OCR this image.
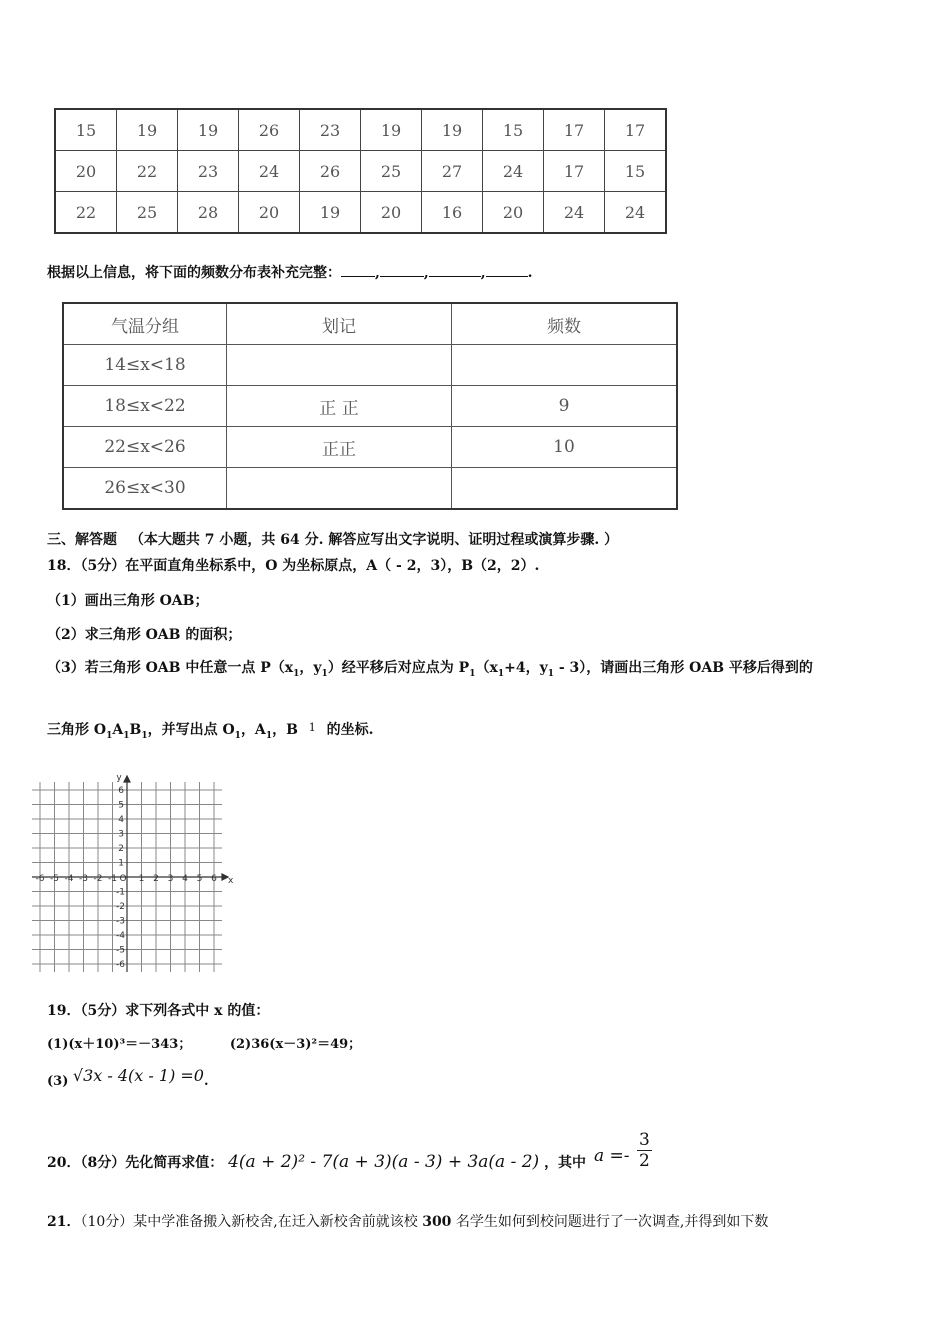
15	19	19	26	23	19	19	15	17	17
20	22	23	24	26	25	27	24	17	15
22	25	28	20	19	20	16	20	24	24
根据以上信息，将下面的频数分布表补充完整： ,	,	,	.
气温分组	划记	频数
14≤x<18		
18≤x<22	正 正	9
22≤x<26	正正	10
26≤x<30		
三、解答题 （本大题共 7 小题，共 64 分. 解答应写出文字说明、证明过程或演算步骤. ）
18．（5分）在平面直角坐标系中，O 为坐标原点，A（ - 2，3），B（2，2）.
（1）画出三角形 OAB；
（2）求三角形 OAB 的面积；
（3）若三角形 OAB 中任意一点 $P(x_1$，$y_1$）经平移后对应点为 $P_1(x_1+4$，$y_1 - 3$），请画出三角形 OAB 平移后得到的
三角形 $O_1A_1B_1$，并写出点 $O_1$，$A_1$，B $^1$ 的坐标.
-6 -5 -4 -3 -2 -1 O 1 2 3 4 5 6
6
5
4
3
2
1
-1
-2
-3
-4
-5
-6
x
y
19．（5分）求下列各式中 x 的值：
(1)(x＋10)³＝－343；	(2)36(x－3)²＝49；
(3) √3x - 4(x - 1) =0.
20．（8分）先化简再求值： 4(a + 2)² - 7(a + 3)(a - 3) + 3a(a - 2) ，其中 $a =- \frac{3}{2}$
21．（10分）某中学准备搬入新校舍,在迁入新校舍前就该校 300 名学生如何到校问题进行了一次调查,并得到如下数
